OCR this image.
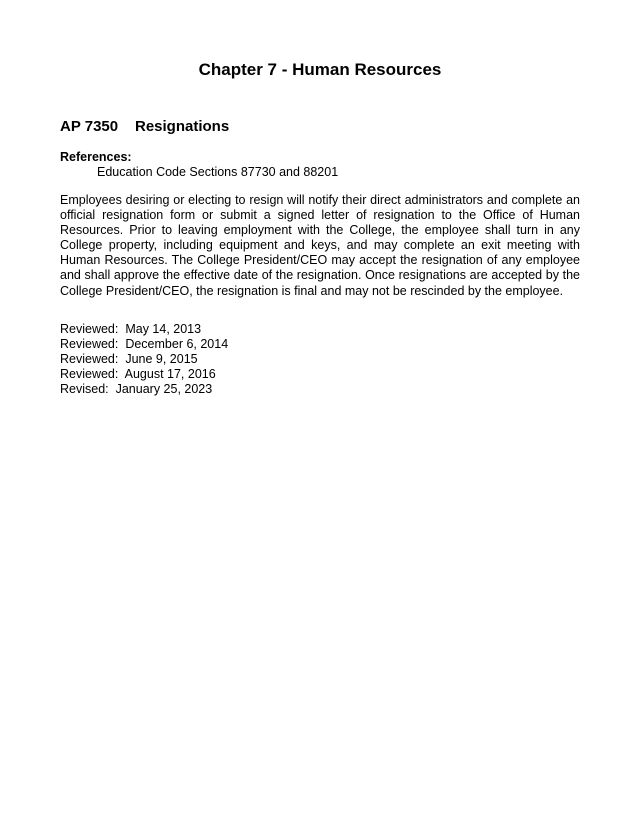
Chapter 7 - Human Resources
AP 7350 Resignations
References:
Education Code Sections 87730 and 88201

Employees desiring or electing to resign will notify their direct administrators and complete an official resignation form or submit a signed letter of resignation to the Office of Human Resources. Prior to leaving employment with the College, the employee shall turn in any College property, including equipment and keys, and may complete an exit meeting with Human Resources. The College President/CEO may accept the resignation of any employee and shall approve the effective date of the resignation. Once resignations are accepted by the College President/CEO, the resignation is final and may not be rescinded by the employee.

Reviewed: May 14, 2013
Reviewed: December 6, 2014
Reviewed: June 9, 2015
Reviewed: August 17, 2016
Revised: January 25, 2023
